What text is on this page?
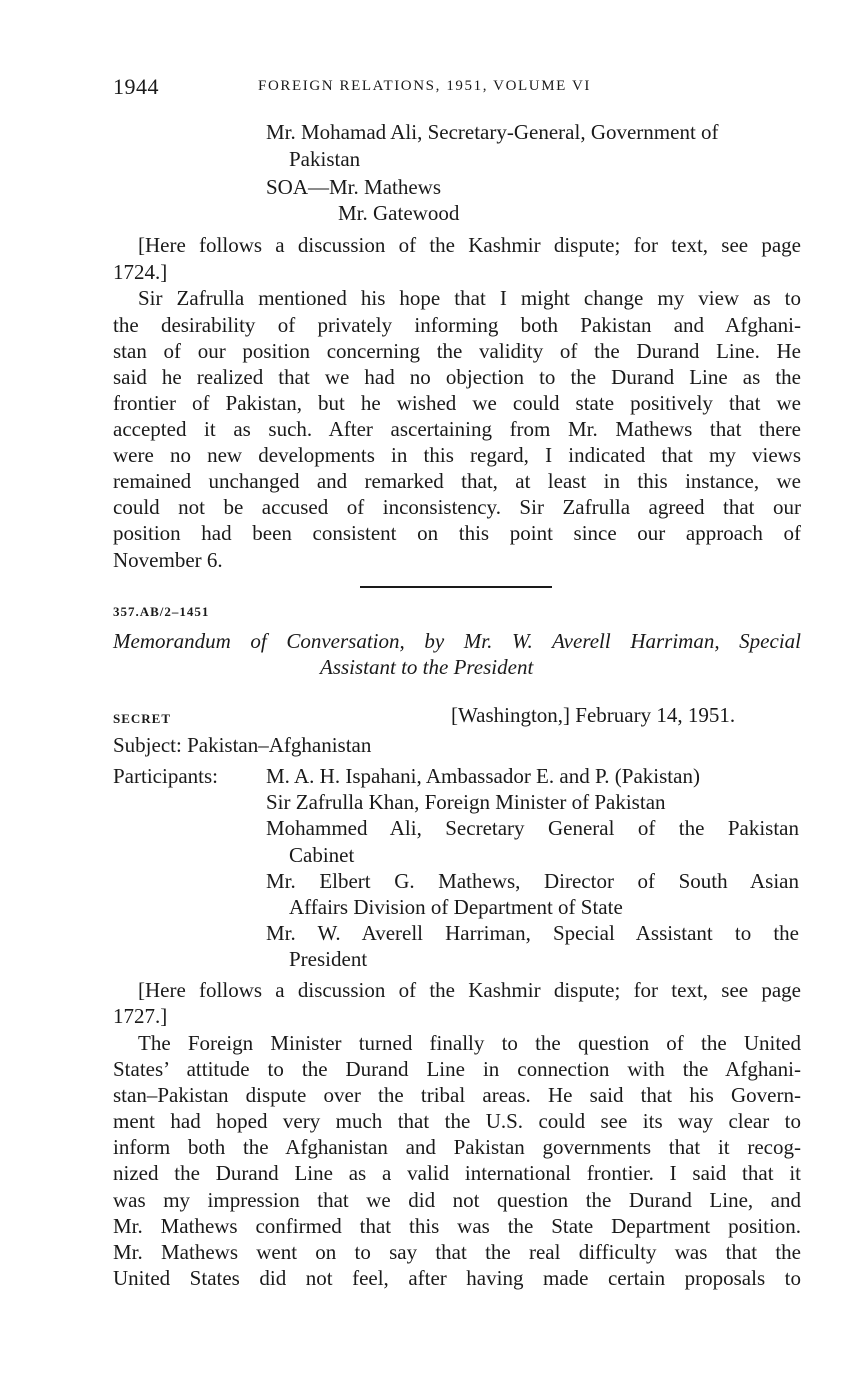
1944	FOREIGN RELATIONS, 1951, VOLUME VI
Mr. Mohamad Ali, Secretary-General, Government of
Pakistan
SOA—Mr. Mathews
Mr. Gatewood
[Here follows a discussion of the Kashmir dispute; for text, see page
1724.]
Sir Zafrulla mentioned his hope that I might change my view as to
the desirability of privately informing both Pakistan and Afghani-
stan of our position concerning the validity of the Durand Line. He
said he realized that we had no objection to the Durand Line as the
frontier of Pakistan, but he wished we could state positively that we
accepted it as such. After ascertaining from Mr. Mathews that there
were no new developments in this regard, I indicated that my views
remained unchanged and remarked that, at least in this instance, we
could not be accused of inconsistency. Sir Zafrulla agreed that our
position had been consistent on this point since our approach of
November 6.
357.AB/2–1451
Memorandum of Conversation, by Mr. W. Averell Harriman, Special
Assistant to the President
SECRET	[Washington,] February 14, 1951.
Subject: Pakistan–Afghanistan
Participants: M. A. H. Ispahani, Ambassador E. and P. (Pakistan)
Sir Zafrulla Khan, Foreign Minister of Pakistan
Mohammed Ali, Secretary General of the Pakistan
Cabinet
Mr. Elbert G. Mathews, Director of South Asian
Affairs Division of Department of State
Mr. W. Averell Harriman, Special Assistant to the
President
[Here follows a discussion of the Kashmir dispute; for text, see page
1727.]
The Foreign Minister turned finally to the question of the United
States’ attitude to the Durand Line in connection with the Afghani-
stan–Pakistan dispute over the tribal areas. He said that his Govern-
ment had hoped very much that the U.S. could see its way clear to
inform both the Afghanistan and Pakistan governments that it recog-
nized the Durand Line as a valid international frontier. I said that it
was my impression that we did not question the Durand Line, and
Mr. Mathews confirmed that this was the State Department position.
Mr. Mathews went on to say that the real difficulty was that the
United States did not feel, after having made certain proposals to
